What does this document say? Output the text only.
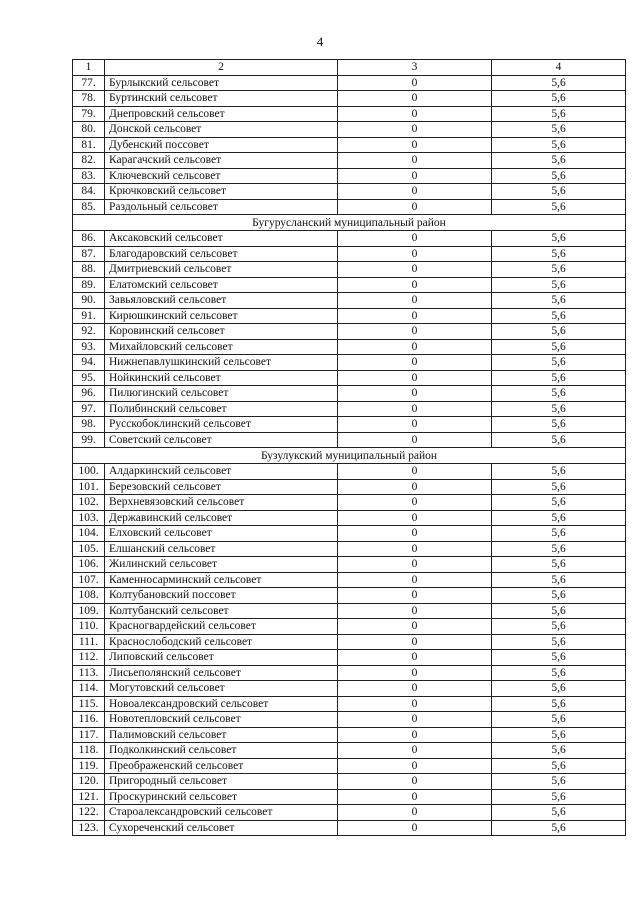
4
1	2	3	4
77.	Бурлыкский сельсовет	0	5,6
78.	Буртинский сельсовет	0	5,6
79.	Днепровский сельсовет	0	5,6
80.	Донской сельсовет	0	5,6
81.	Дубенский поссовет	0	5,6
82.	Карагачский сельсовет	0	5,6
83.	Ключевский сельсовет	0	5,6
84.	Крючковский сельсовет	0	5,6
85.	Раздольный сельсовет	0	5,6
Бугурусланский муниципальный район			
86.	Аксаковский сельсовет	0	5,6
87.	Благодаровский сельсовет	0	5,6
88.	Дмитриевский сельсовет	0	5,6
89.	Елатомский сельсовет	0	5,6
90.	Завьяловский сельсовет	0	5,6
91.	Кирюшкинский сельсовет	0	5,6
92.	Коровинский сельсовет	0	5,6
93.	Михайловский сельсовет	0	5,6
94.	Нижнепавлушкинский сельсовет	0	5,6
95.	Нойкинский сельсовет	0	5,6
96.	Пилюгинский сельсовет	0	5,6
97.	Полибинский сельсовет	0	5,6
98.	Русскобоклинский сельсовет	0	5,6
99.	Советский сельсовет	0	5,6
Бузулукский муниципальный район			
100.	Алдаркинский сельсовет	0	5,6
101.	Березовский сельсовет	0	5,6
102.	Верхневязовский сельсовет	0	5,6
103.	Державинский сельсовет	0	5,6
104.	Елховский сельсовет	0	5,6
105.	Елшанский сельсовет	0	5,6
106.	Жилинский сельсовет	0	5,6
107.	Каменносарминский сельсовет	0	5,6
108.	Колтубановский поссовет	0	5,6
109.	Колтубанский сельсовет	0	5,6
110.	Красногвардейский сельсовет	0	5,6
111.	Краснослободский сельсовет	0	5,6
112.	Липовский сельсовет	0	5,6
113.	Лисьеполянский сельсовет	0	5,6
114.	Могутовский сельсовет	0	5,6
115.	Новоалександровский сельсовет	0	5,6
116.	Новотепловский сельсовет	0	5,6
117.	Палимовский сельсовет	0	5,6
118.	Подколкинский сельсовет	0	5,6
119.	Преображенский сельсовет	0	5,6
120.	Пригородный сельсовет	0	5,6
121.	Проскуринский сельсовет	0	5,6
122.	Староалександровский сельсовет	0	5,6
123.	Сухореченский сельсовет	0	5,6
